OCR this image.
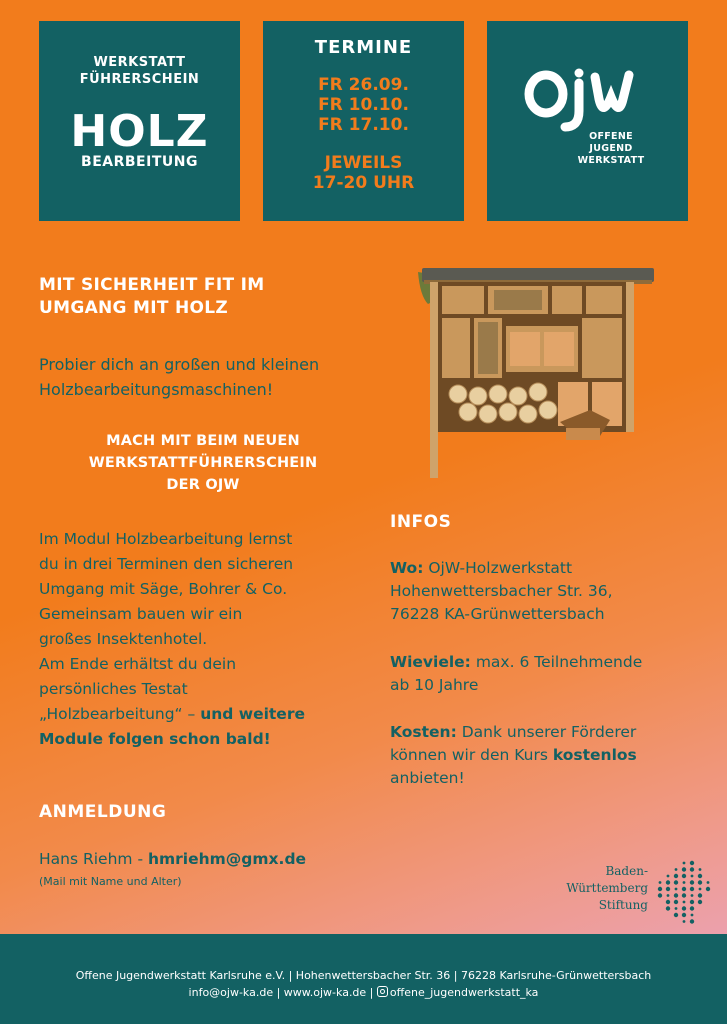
WERKSTATT
FÜHRERSCHEIN
HOLZ
BEARBEITUNG
TERMINE
FR 26.09.
FR 10.10.
FR 17.10.
JEWEILS
17-20 UHR
OFFENE
JUGEND
WERKSTATT
MIT SICHERHEIT FIT IM
UMGANG MIT HOLZ
Probier dich an großen und kleinen
Holzbearbeitungsmaschinen!
MACH MIT BEIM NEUEN
WERKSTATTFÜHRERSCHEIN
DER OJW
Im Modul Holzbearbeitung lernst
du in drei Terminen den sicheren
Umgang mit Säge, Bohrer & Co.
Gemeinsam bauen wir ein
großes Insektenhotel.
Am Ende erhältst du dein
persönliches Testat
„Holzbearbeitung“ – und weitere
Module folgen schon bald!
ANMELDUNG
Hans Riehm - hmriehm@gmx.de
(Mail mit Name und Alter)
INFOS
Wo: OjW-Holzwerkstatt
Hohenwettersbacher Str. 36,
76228 KA-Grünwettersbach
Wieviele: max. 6 Teilnehmende
ab 10 Jahre
Kosten: Dank unserer Förderer
können wir den Kurs kostenlos
anbieten!
Baden-
Württemberg
Stiftung
Offene Jugendwerkstatt Karlsruhe e.V. | Hohenwettersbacher Str. 36 | 76228 Karlsruhe-Grünwettersbach
info@ojw-ka.de | www.ojw-ka.de | offene_jugendwerkstatt_ka
